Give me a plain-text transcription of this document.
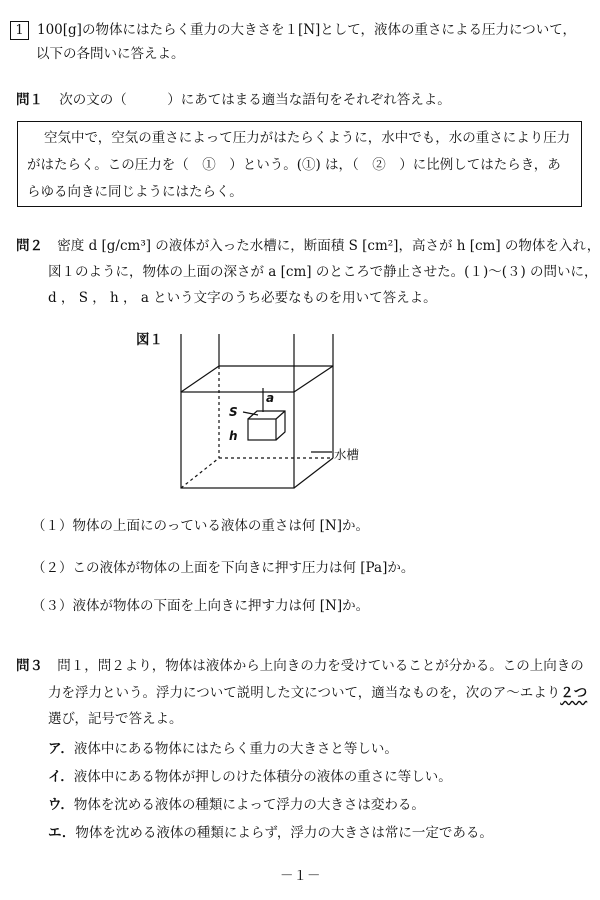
1 100[g]の物体にはたらく重力の大きさを１[N]として，液体の重さによる圧力について，
以下の各問いに答えよ。
問１ 次の文の（　　　）にあてはまる適当な語句をそれぞれ答えよ。
空気中で，空気の重さによって圧力がはたらくように，水中でも，水の重さにより圧力
がはたらく。この圧力を（　①　）という。(①) は，（　②　）に比例してはたらき，あ
らゆる向きに同じようにはたらく。
問２ 密度 d [g/cm³] の液体が入った水槽に，断面積 S [cm²]，高さが h [cm] の物体を入れ，
図１のように，物体の上面の深さが a [cm] のところで静止させた。(１)～(３) の問いに，
d ， S ， h ， a という文字のうち必要なものを用いて答えよ。
図１
S
a
h
水槽
（１）物体の上面にのっている液体の重さは何 [N]か。
（２）この液体が物体の上面を下向きに押す圧力は何 [Pa]か。
（３）液体が物体の下面を上向きに押す力は何 [N]か。
問３ 問１，問２より，物体は液体から上向きの力を受けていることが分かる。この上向きの
力を浮力という。浮力について説明した文について，適当なものを，次のア～エより２つ
選び，記号で答えよ。
ア．液体中にある物体にはたらく重力の大きさと等しい。
イ．液体中にある物体が押しのけた体積分の液体の重さに等しい。
ウ．物体を沈める液体の種類によって浮力の大きさは変わる。
エ．物体を沈める液体の種類によらず，浮力の大きさは常に一定である。
－１－
